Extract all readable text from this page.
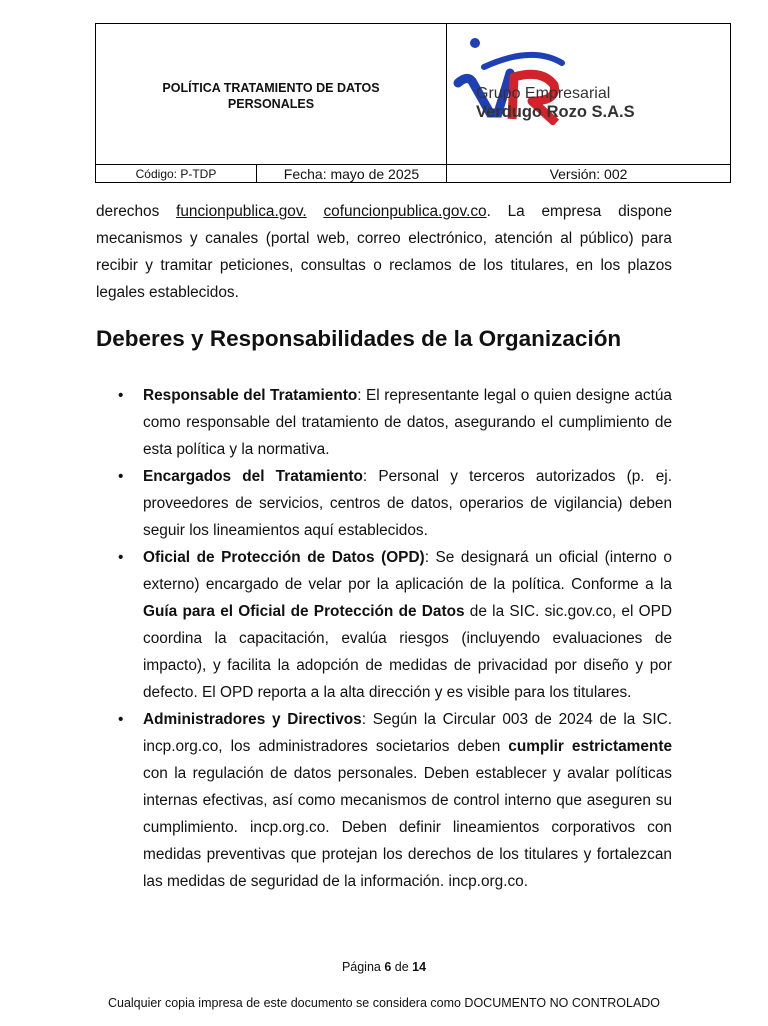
POLÍTICA TRATAMIENTO DE DATOS
PERSONALES
Código: P-TDP	Fecha: mayo de 2025	Versión: 002
Grupo Empresarial
Verdugo Rozo S.A.S

derechos funcionpublica.gov. cofuncionpublica.gov.co. La empresa dispone mecanismos y canales (portal web, correo electrónico, atención al público) para recibir y tramitar peticiones, consultas o reclamos de los titulares, en los plazos legales establecidos.

Deberes y Responsabilidades de la Organización
• Responsable del Tratamiento: El representante legal o quien designe actúa como responsable del tratamiento de datos, asegurando el cumplimiento de esta política y la normativa.
• Encargados del Tratamiento: Personal y terceros autorizados (p. ej. proveedores de servicios, centros de datos, operarios de vigilancia) deben seguir los lineamientos aquí establecidos.
• Oficial de Protección de Datos (OPD): Se designará un oficial (interno o externo) encargado de velar por la aplicación de la política. Conforme a la Guía para el Oficial de Protección de Datos de la SIC. sic.gov.co, el OPD coordina la capacitación, evalúa riesgos (incluyendo evaluaciones de impacto), y facilita la adopción de medidas de privacidad por diseño y por defecto. El OPD reporta a la alta dirección y es visible para los titulares.
• Administradores y Directivos: Según la Circular 003 de 2024 de la SIC. incp.org.co, los administradores societarios deben cumplir estrictamente con la regulación de datos personales. Deben establecer y avalar políticas internas efectivas, así como mecanismos de control interno que aseguren su cumplimiento. incp.org.co. Deben definir lineamientos corporativos con medidas preventivas que protejan los derechos de los titulares y fortalezcan las medidas de seguridad de la información. incp.org.co.
Página 6 de 14
Cualquier copia impresa de este documento se considera como DOCUMENTO NO CONTROLADO
